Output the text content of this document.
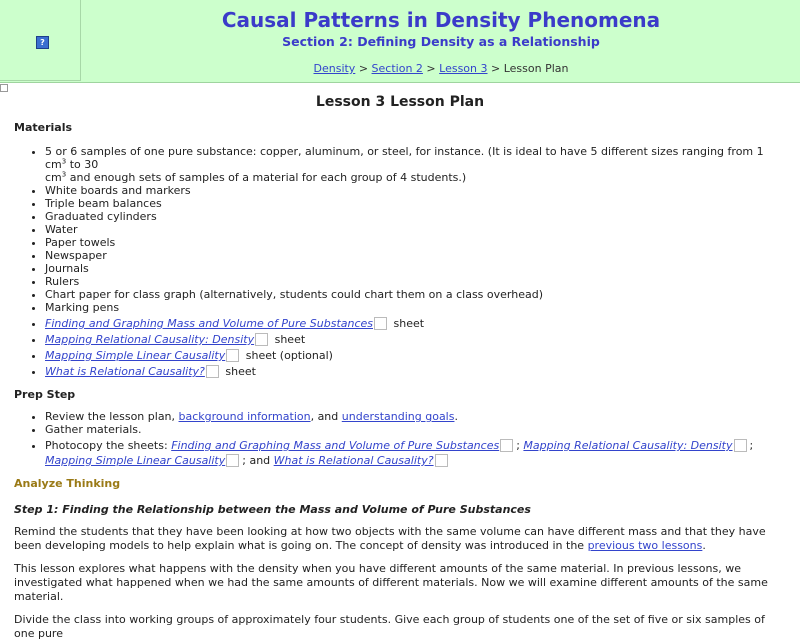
?
Causal Patterns in Density Phenomena
Section 2: Defining Density as a Relationship
Density > Section 2 > Lesson 3 > Lesson Plan
Lesson 3 Lesson Plan
Materials
• 5 or 6 samples of one pure substance: copper, aluminum, or steel, for instance. (It is ideal to have 5 different sizes ranging from 1 $cm^3$ to 30
$cm^3$ and enough sets of samples of a material for each group of 4 students.)
• White boards and markers
• Triple beam balances
• Graduated cylinders
• Water
• Paper towels
• Newspaper
• Journals
• Rulers
• Chart paper for class graph (alternatively, students could chart them on a class overhead)
• Marking pens
• Finding and Graphing Mass and Volume of Pure Substances sheet
• Mapping Relational Causality: Density sheet
• Mapping Simple Linear Causality sheet (optional)
• What is Relational Causality? sheet
Prep Step
• Review the lesson plan, background information, and understanding goals.
• Gather materials.
• Photocopy the sheets: Finding and Graphing Mass and Volume of Pure Substances ; Mapping Relational Causality: Density ; Mapping Simple Linear Causality ; and What is Relational Causality?
Analyze Thinking
Step 1: Finding the Relationship between the Mass and Volume of Pure Substances

Remind the students that they have been looking at how two objects with the same volume can have different mass and that they have been developing models to help explain what is going on. The concept of density was introduced in the previous two lessons.

This lesson explores what happens with the density when you have different amounts of the same material. In previous lessons, we investigated what happened when we had the same amounts of different materials. Now we will examine different amounts of the same material.

Divide the class into working groups of approximately four students. Give each group of students one of the set of five or six samples of one pure
